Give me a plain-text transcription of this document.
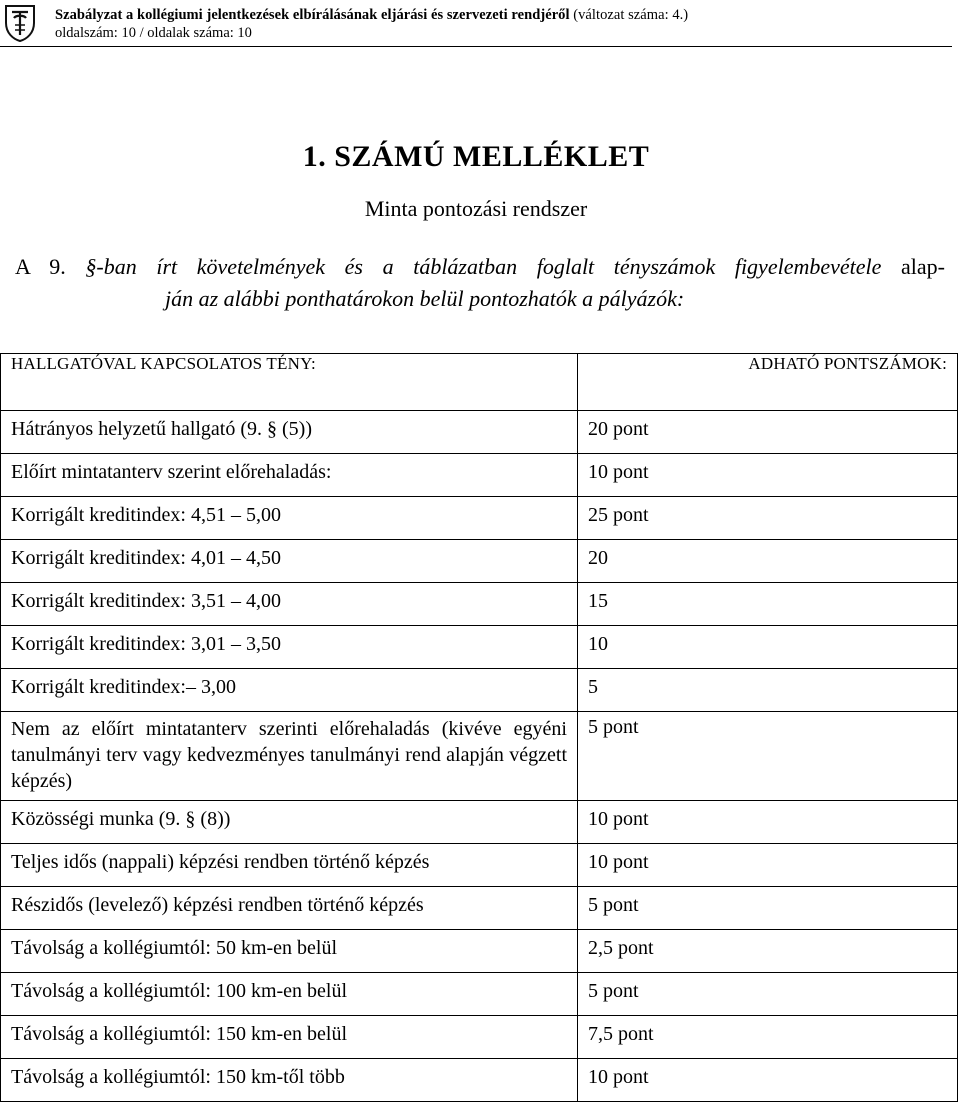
Szabályzat a kollégiumi jelentkezések elbírálásának eljárási és szervezeti rendjéről (változat száma: 4.)
oldalszám: 10 / oldalak száma: 10
1. SZÁMÚ MELLÉKLET
Minta pontozási rendszer
A 9. §-ban írt követelmények és a táblázatban foglalt tényszámok figyelembevétele alap-
ján az alábbi ponthatárokon belül pontozhatók a pályázók:
HALLGATÓVAL KAPCSOLATOS TÉNY:	ADHATÓ PONTSZÁMOK:
Hátrányos helyzetű hallgató (9. § (5))	20 pont
Előírt mintatanterv szerint előrehaladás:	10 pont
Korrigált kreditindex: 4,51 – 5,00	25 pont
Korrigált kreditindex: 4,01 – 4,50	20
Korrigált kreditindex: 3,51 – 4,00	15
Korrigált kreditindex: 3,01 – 3,50	10
Korrigált kreditindex:– 3,00	5
Nem az előírt mintatanterv szerinti előrehaladás (kivéve egyéni tanulmányi terv vagy kedvezményes tanulmányi rend alapján végzett képzés)	5 pont
Közösségi munka (9. § (8))	10 pont
Teljes idős (nappali) képzési rendben történő képzés	10 pont
Részidős (levelező) képzési rendben történő képzés	5 pont
Távolság a kollégiumtól: 50 km-en belül	2,5 pont
Távolság a kollégiumtól: 100 km-en belül	5 pont
Távolság a kollégiumtól: 150 km-en belül	7,5 pont
Távolság a kollégiumtól: 150 km-től több	10 pont
